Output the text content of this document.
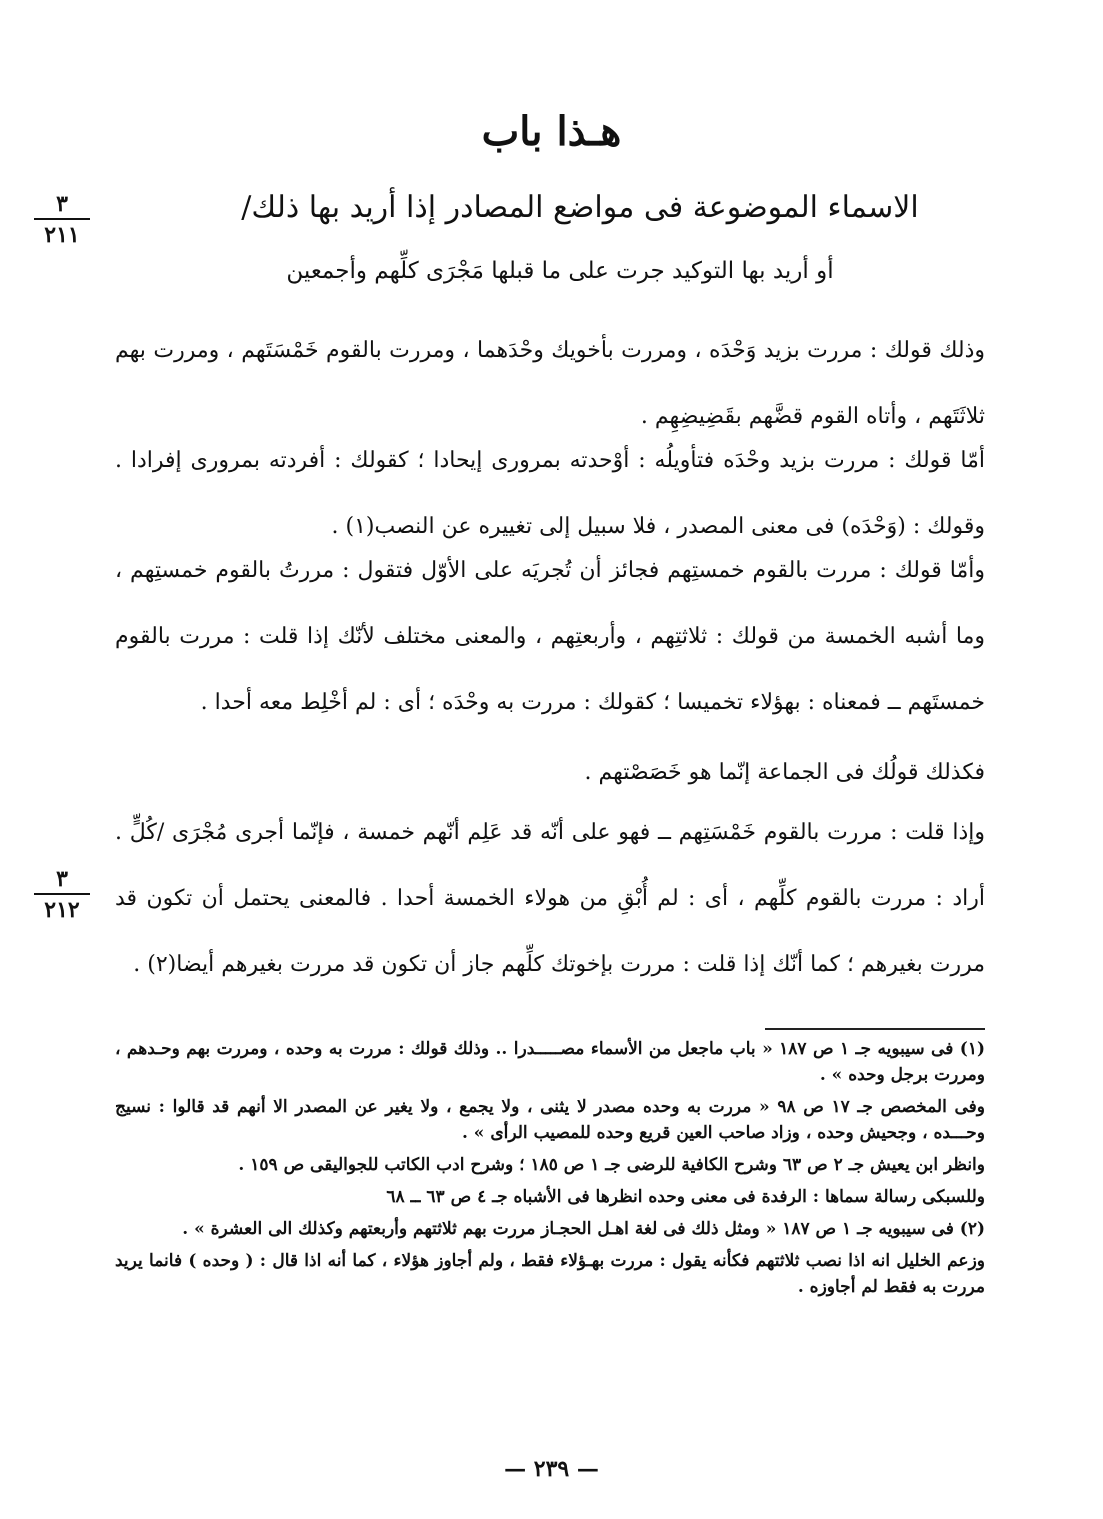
هـذا باب
الاسماء الموضوعة فى مواضع المصادر إذا أريد بها ذلك/
أو أريد بها التوكيد جرت على ما قبلها مَجْرَى كلِّهم وأجمعين
٣
٢١١
٣
٢١٢
وذلك قولك : مررت بزيد وَحْدَه ، ومررت بأخويك وحْدَهما ، ومررت بالقوم خَمْسَتَهم ، ومررت بهم ثلاثَتَهم ، وأتاه القوم قضَّهم بقَضِيضِهِم .
أمّا قولك : مررت بزيد وحْدَه فتأويلُه : أوْحدته بمرورى إيحادا ؛ كقولك : أفردته بمرورى إفرادا . وقولك : (وَحْدَه) فى معنى المصدر ، فلا سبيل إلى تغييره عن النصب(١) .
وأمّا قولك : مررت بالقوم خمستِهم فجائز أن تُجريَه على الأوّل فتقول : مررتُ بالقوم خمستِهم ، وما أشبه الخمسة من قولك : ثلاثتِهم ، وأربعتِهم ، والمعنى مختلف لأنّك إذا قلت : مررت بالقوم خمستَهم ــ فمعناه : بهؤلاء تخميسا ؛ كقولك : مررت به وحْدَه ؛ أى : لم أخْلِط معه أحدا .
فكذلك قولُك فى الجماعة إنّما هو خَصَصْتهم .
وإذا قلت : مررت بالقوم خَمْسَتِهم ــ فهو على أنّه قد عَلِم أنّهم خمسة ، فإنّما أجرى مُجْرَى /كُلٍّ . أراد : مررت بالقوم كلِّهم ، أى : لم أُبْقِ من هولاء الخمسة أحدا . فالمعنى يحتمل أن تكون قد مررت بغيرهم ؛ كما أنّك إذا قلت : مررت بإخوتك كلِّهم جاز أن تكون قد مررت بغيرهم أيضا(٢) .

(١) فى سيبويه جـ ١ ص ١٨٧ « باب ماجعل من الأسماء مصـــــدرا .. وذلك قولك : مررت به وحده ، ومررت بهم وحـدهم ، ومررت برجل وحده » .

وفى المخصص جـ ١٧ ص ٩٨ « مررت به وحده مصدر لا يثنى ، ولا يجمع ، ولا يغير عن المصدر الا أنهم قد قالوا : نسيج وحـــده ، وجحيش وحده ، وزاد صاحب العين قريع وحده للمصيب الرأى » .

وانظر ابن يعيش جـ ٢ ص ٦٣ وشرح الكافية للرضى جـ ١ ص ١٨٥ ؛ وشرح ادب الكاتب للجواليقى ص ١٥٩ .

وللسبكى رسالة سماها : الرفدة فى معنى وحده انظرها فى الأشباه جـ ٤ ص ٦٣ ــ ٦٨

(٢) فى سيبويه جـ ١ ص ١٨٧ « ومثل ذلك فى لغة اهـل الحجـاز مررت بهم ثلاثتهم وأربعتهم وكذلك الى العشرة » .

وزعم الخليل انه اذا نصب ثلاثتهم فكأنه يقول : مررت بهـؤلاء فقط ، ولم أجاوز هؤلاء ، كما أنه اذا قال : ( وحده ) فانما يريد مررت به فقط لم أجاوزه .

— ٢٣٩ —
